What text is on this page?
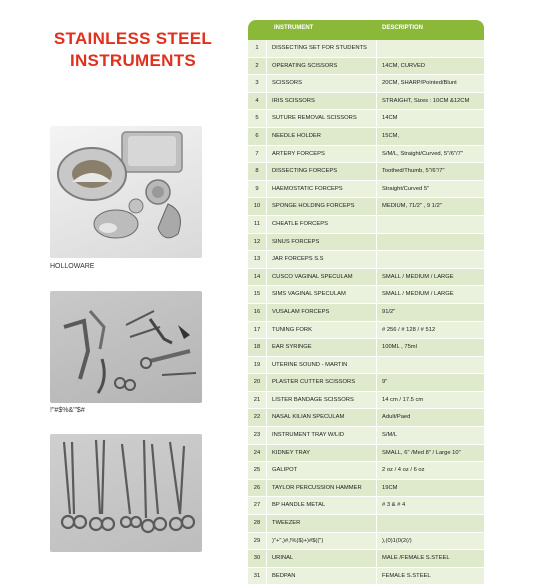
STAINLESS STEEL
INSTRUMENTS
HOLLOWARE
!"#$%&'"$#
INSTRUMENT	DESCRIPTION
1	DISSECTING SET FOR STUDENTS
2	OPERATING SCISSORS	14CM, CURVED
3	SCISSORS	20CM, SHARP/Pointed/Blunt
4	IRIS SCISSORS	STRAIGHT, Sizes : 10CM &12CM
5	SUTURE REMOVAL SCISSORS	14CM
6	NEEDLE HOLDER	15CM,
7	ARTERY FORCEPS	S/M/L, Straight/Curved, 5"/6"/7"
8	DISSECTING FORCEPS	Toothed/Thumb, 5"/6"/7"
9	HAEMOSTATIC FORCEPS	Straight/Curved 5"
10	SPONGE HOLDING FORCEPS	MEDIUM, 71/2" , 9 1/2"
11	CHEATLE FORCEPS
12	SINUS FORCEPS
13	JAR FORCEPS S.S
14	CUSCO VAGINAL SPECULAM	SMALL / MEDIUM / LARGE
15	SIMS VAGINAL SPECULAM	SMALL / MEDIUM / LARGE
16	VUSALAM FORCEPS	91/2"
17	TUNING FORK	# 256 / # 128 / # 512
18	EAR SYRINGE	100ML , 75ml
19	UTERINE SOUND - MARTIN
20	PLASTER CUTTER SCISSORS	9"
21	LISTER BANDAGE SCISSORS	14 cm / 17.5 cm
22	NASAL KILIAN SPECULAM	Adult/Paed
23	INSTRUMENT TRAY W/LID	S/M/L
24	KIDNEY TRAY	SMALL, 6" /Med 8" / Large 10"
25	GALIPOT	2 oz / 4 oz / 6 oz
26	TAYLOR PERCUSSION HAMMER	19CM
27	BP HANDLE METAL	# 3 & # 4
28	TWEEZER
29	)"+",)#,!%)$)+)#$((")	),(0)1(0(2(/)
30	URINAL	MALE /FEMALE S.STEEL
31	BEDPAN	FEMALE S.STEEL
